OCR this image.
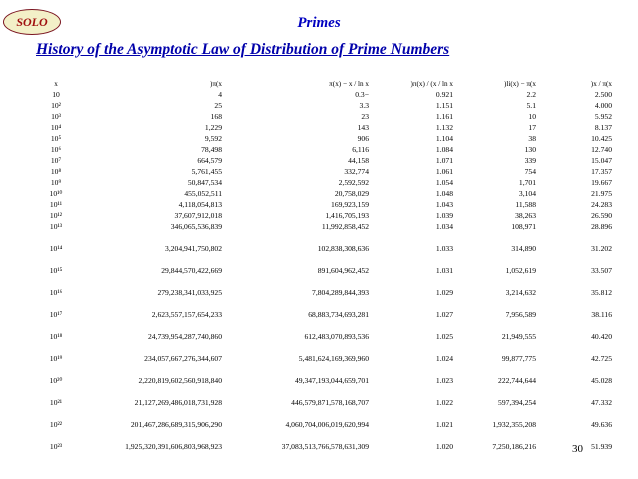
SOLO	Primes
History of the Asymptotic Law of Distribution of Prime Numbers
x	)π(x	π(x) − x / ln x	)π(x) / (x / ln x	)li(x) − π(x	)x / π(x
10	4	0.3−	0.921	2.2	2.500
10²	25	3.3	1.151	5.1	4.000
10³	168	23	1.161	10	5.952
10⁴	1,229	143	1.132	17	8.137
10⁵	9,592	906	1.104	38	10.425
10⁶	78,498	6,116	1.084	130	12.740
10⁷	664,579	44,158	1.071	339	15.047
10⁸	5,761,455	332,774	1.061	754	17.357
10⁹	50,847,534	2,592,592	1.054	1,701	19.667
10¹⁰	455,052,511	20,758,029	1.048	3,104	21.975
10¹¹	4,118,054,813	169,923,159	1.043	11,588	24.283
10¹²	37,607,912,018	1,416,705,193	1.039	38,263	26.590
10¹³	346,065,536,839	11,992,858,452	1.034	108,971	28.896
10¹⁴	3,204,941,750,802	102,838,308,636	1.033	314,890	31.202
10¹⁵	29,844,570,422,669	891,604,962,452	1.031	1,052,619	33.507
10¹⁶	279,238,341,033,925	7,804,289,844,393	1.029	3,214,632	35.812
10¹⁷	2,623,557,157,654,233	68,883,734,693,281	1.027	7,956,589	38.116
10¹⁸	24,739,954,287,740,860	612,483,070,893,536	1.025	21,949,555	40.420
10¹⁹	234,057,667,276,344,607	5,481,624,169,369,960	1.024	99,877,775	42.725
10²⁰	2,220,819,602,560,918,840	49,347,193,044,659,701	1.023	222,744,644	45.028
10²¹	21,127,269,486,018,731,928	446,579,871,578,168,707	1.022	597,394,254	47.332
10²²	201,467,286,689,315,906,290	4,060,704,006,019,620,994	1.021	1,932,355,208	49.636
10²³	1,925,320,391,606,803,968,923	37,083,513,766,578,631,309	1.020	7,250,186,216	51.939
30
